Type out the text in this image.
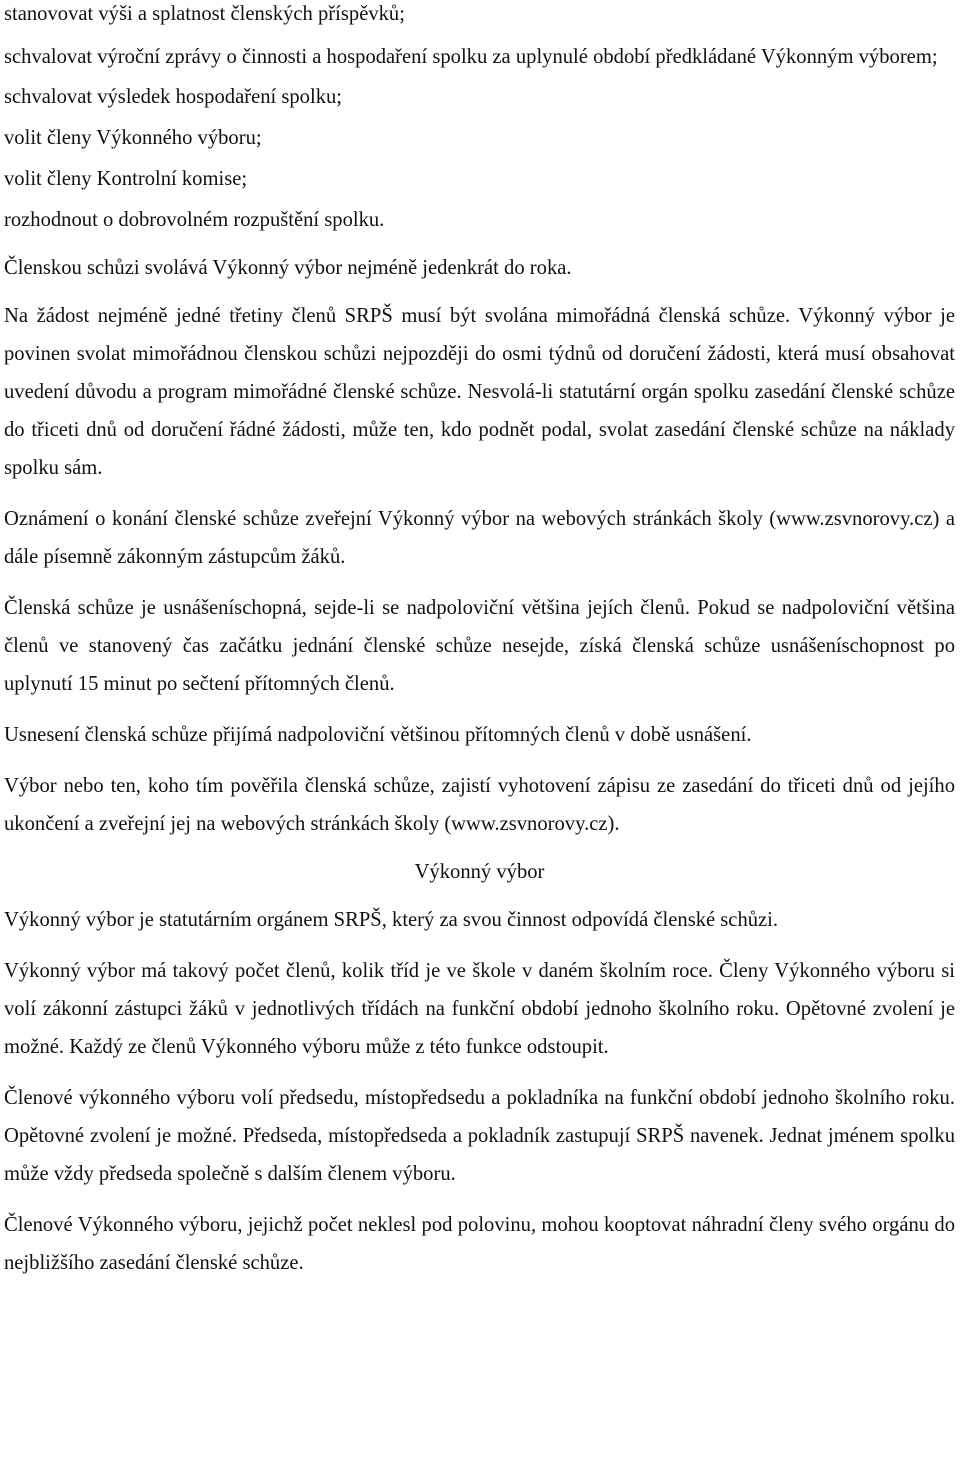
stanovovat výši a splatnost členských příspěvků;
schvalovat výroční zprávy o činnosti a hospodaření spolku za uplynulé období předkládané Výkonným výborem;
schvalovat výsledek hospodaření spolku;
volit členy Výkonného výboru;
volit členy Kontrolní komise;
rozhodnout o dobrovolném rozpuštění spolku.

Členskou schůzi svolává Výkonný výbor nejméně jedenkrát do roka.

Na žádost nejméně jedné třetiny členů SRPŠ musí být svolána mimořádná členská schůze. Výkonný výbor je povinen svolat mimořádnou členskou schůzi nejpozději do osmi týdnů od doručení žádosti, která musí obsahovat uvedení důvodu a program mimořádné členské schůze. Nesvolá-li statutární orgán spolku zasedání členské schůze do třiceti dnů od doručení řádné žádosti, může ten, kdo podnět podal, svolat zasedání členské schůze na náklady spolku sám.

Oznámení o konání členské schůze zveřejní Výkonný výbor na webových stránkách školy (www.zsvnorovy.cz) a dále písemně zákonným zástupcům žáků.

Členská schůze je usnášeníschopná, sejde-li se nadpoloviční většina jejích členů. Pokud se nadpoloviční většina členů ve stanovený čas začátku jednání členské schůze nesejde, získá členská schůze usnášeníschopnost po uplynutí 15 minut po sečtení přítomných členů.

Usnesení členská schůze přijímá nadpoloviční většinou přítomných členů v době usnášení.

Výbor nebo ten, koho tím pověřila členská schůze, zajistí vyhotovení zápisu ze zasedání do třiceti dnů od jejího ukončení a zveřejní jej na webových stránkách školy (www.zsvnorovy.cz).

Výkonný výbor

Výkonný výbor je statutárním orgánem SRPŠ, který za svou činnost odpovídá členské schůzi.

Výkonný výbor má takový počet členů, kolik tříd je ve škole v daném školním roce. Členy Výkonného výboru si volí zákonní zástupci žáků v jednotlivých třídách na funkční období jednoho školního roku. Opětovné zvolení je možné. Každý ze členů Výkonného výboru může z této funkce odstoupit.

Členové výkonného výboru volí předsedu, místopředsedu a pokladníka na funkční období jednoho školního roku. Opětovné zvolení je možné. Předseda, místopředseda a pokladník zastupují SRPŠ navenek. Jednat jménem spolku může vždy předseda společně s dalším členem výboru.

Členové Výkonného výboru, jejichž počet neklesl pod polovinu, mohou kooptovat náhradní členy svého orgánu do nejbližšího zasedání členské schůze.
